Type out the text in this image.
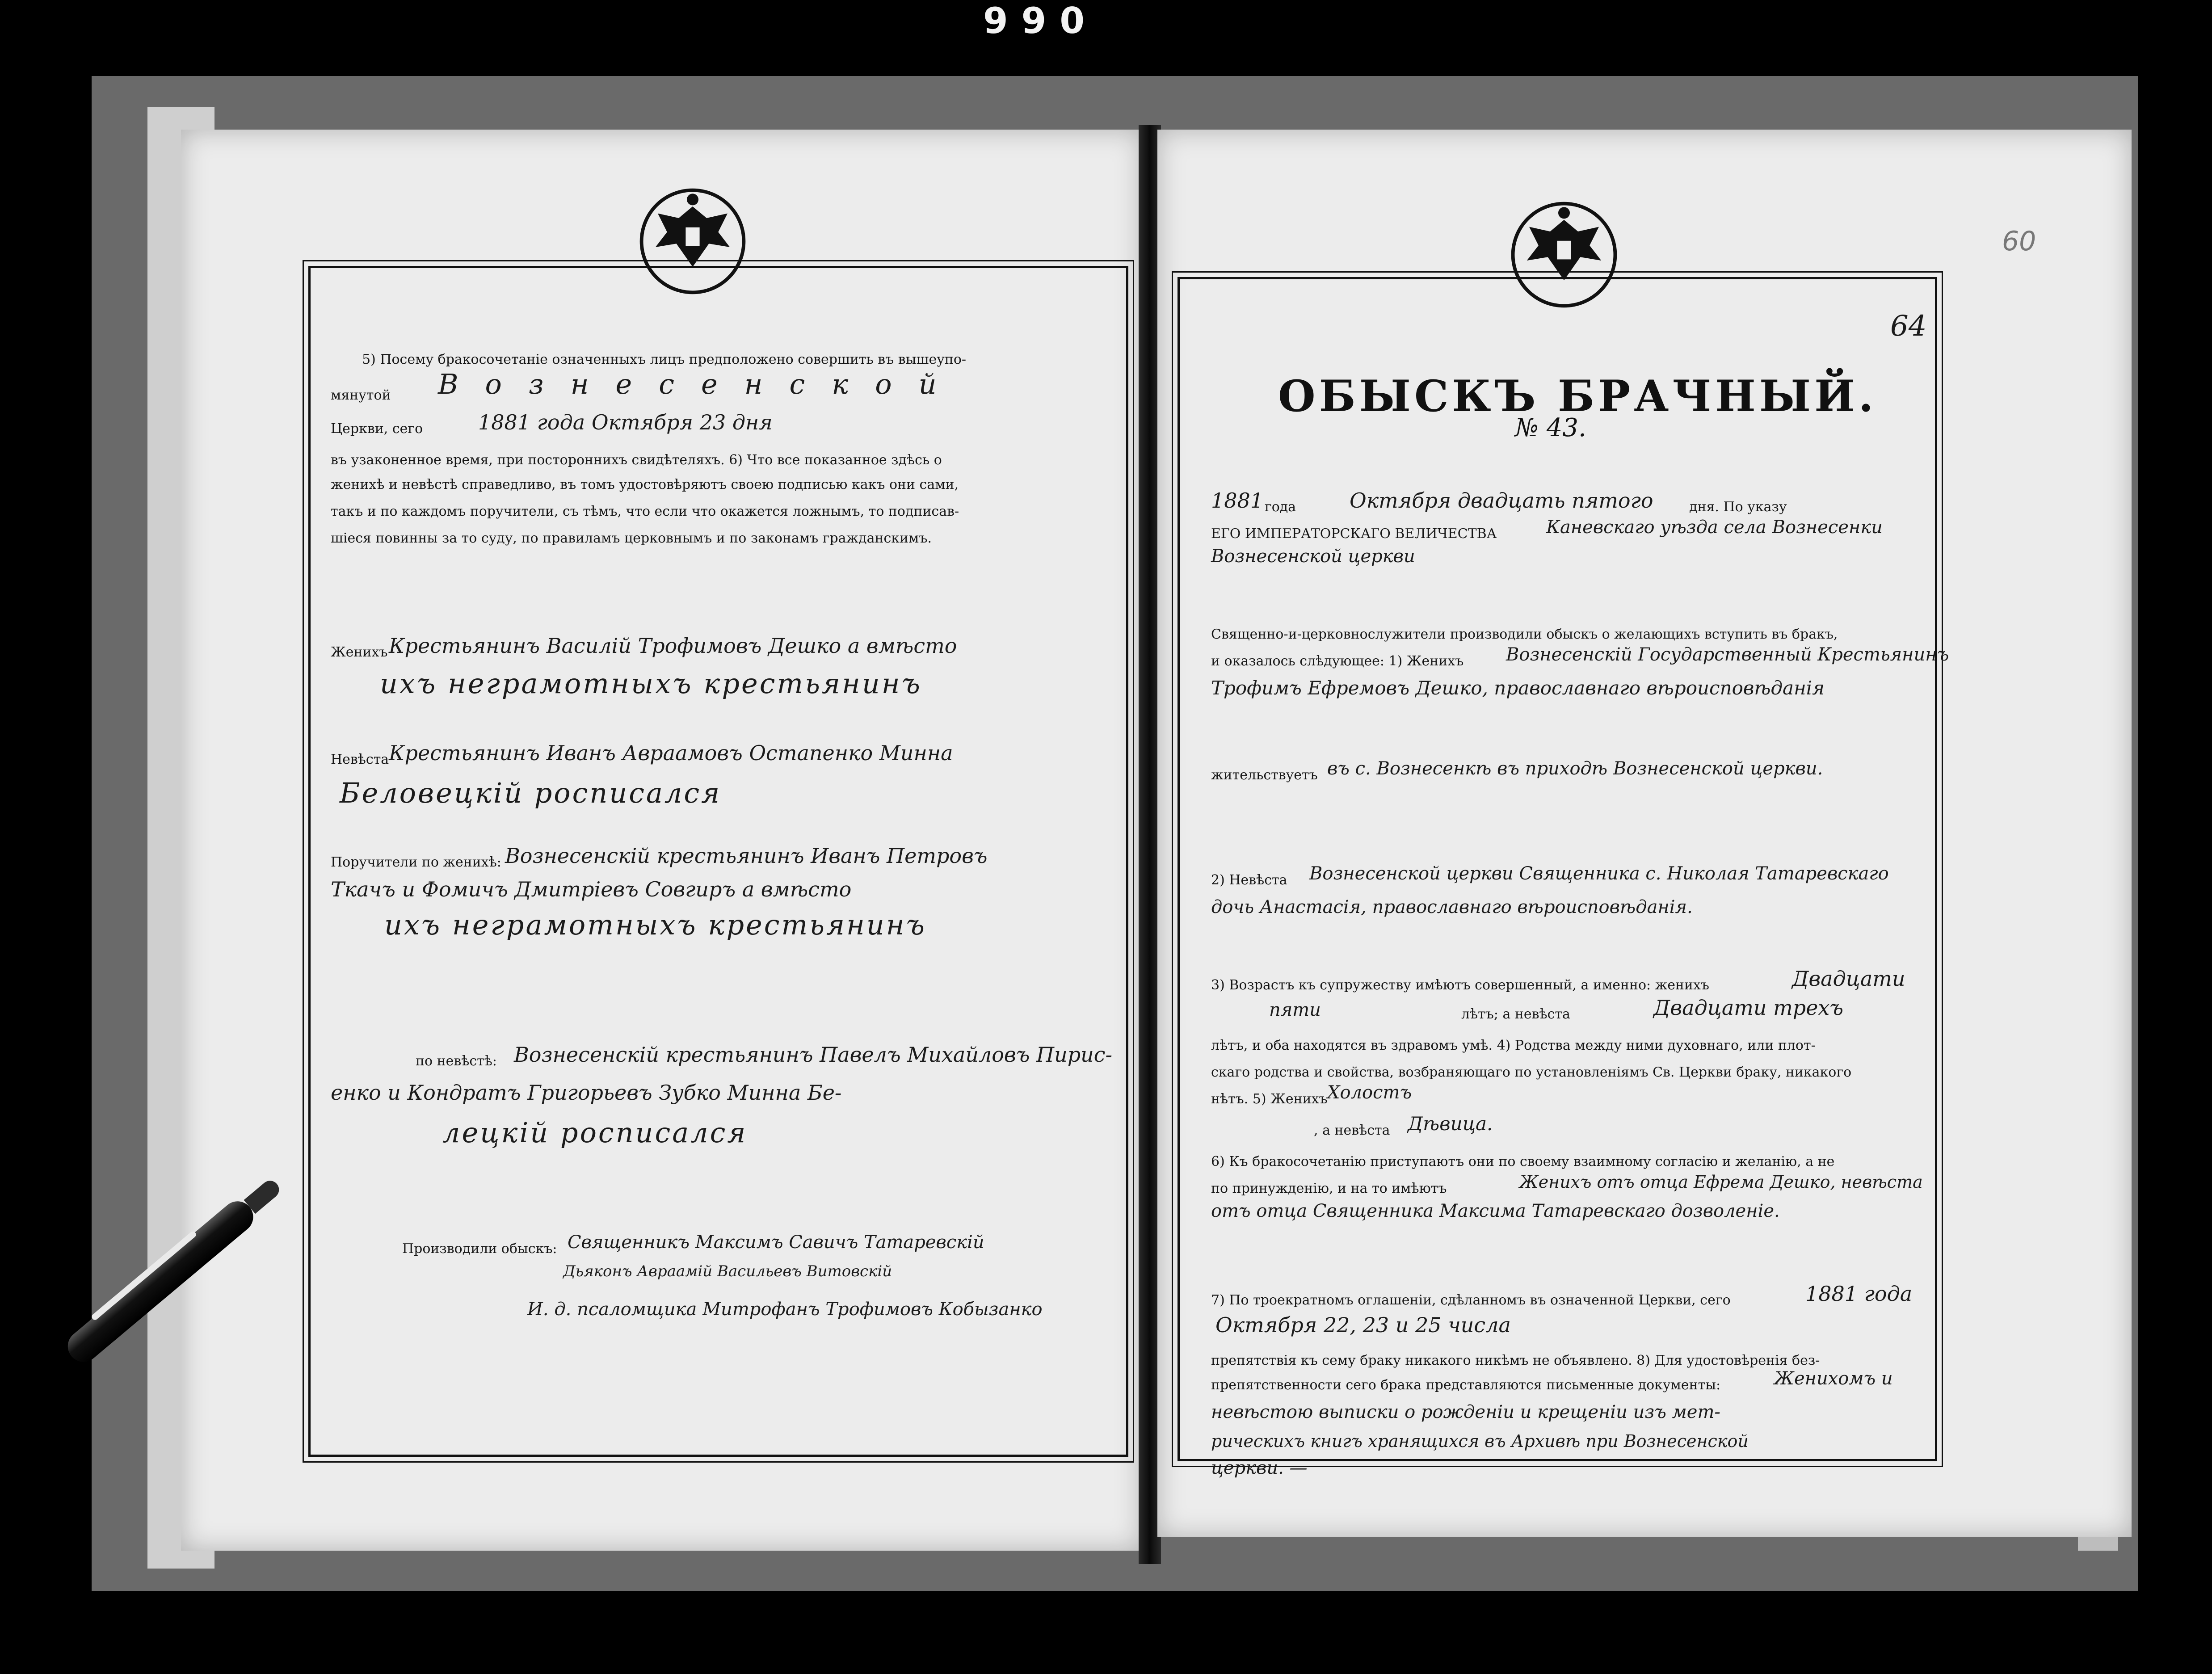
990
5) Посему бракосочетаніе означенныхъ лицъ предположено совершить въ вышеупо-
мянутой Вознесенской
Церкви, сего	1881 года Октября 23 дня
въ узаконенное время, при постороннихъ свидѣтеляхъ. 6) Что все показанное здѣсь о
женихѣ и невѣстѣ справедливо, въ томъ удостовѣряютъ своею подписью какъ они сами,
такъ и по каждомъ поручители, съ тѣмъ, что если что окажется ложнымъ, то подписав-
шіеся повинны за то суду, по правиламъ церковнымъ и по законамъ гражданскимъ.
Женихъ Крестьянинъ Василій Трофимовъ Дешко а вмѣсто
ихъ неграмотныхъ крестьянинъ
Невѣста Крестьянинъ Иванъ Авраамовъ Остапенко Минна
Беловецкій росписался
Поручители по женихѣ: Вознесенскій крестьянинъ Иванъ Петровъ
Ткачъ и Фомичъ Дмитріевъ Совгиръ а вмѣсто
ихъ неграмотныхъ крестьянинъ
по невѣстѣ: Вознесенскій крестьянинъ Павелъ Михайловъ Пирис-
енко и Кондратъ Григорьевъ Зубко Минна Бе-
лецкій росписался
Производили обыскъ: Священникъ Максимъ Савичъ Татаревскій
Дьяконъ Авраамій Васильевъ Витовскій
И. д. псаломщика Митрофанъ Трофимовъ Кобызанко
60
64
ОБЫСКЪ БРАЧНЫЙ.
№ 43.
1881 года	Октября двадцать пятого	дня. По указу
ЕГО ИМПЕРАТОРСКАГО ВЕЛИЧЕСТВА	Каневскаго уѣзда села Вознесенки
Вознесенской церкви
Священно-и-церковнослужители производили обыскъ о желающихъ вступить въ бракъ,
и оказалось слѣдующее: 1) Женихъ Вознесенскій Государственный Крестьянинъ
Трофимъ Ефремовъ Дешко, православнаго вѣроисповѣданія
жительствуетъ въ с. Вознесенкѣ въ приходѣ Вознесенской церкви.
2) Невѣста Вознесенской церкви Священника с. Николая Татаревскаго
дочь Анастасія, православнаго вѣроисповѣданія.
3) Возрастъ къ супружеству имѣютъ совершенный, а именно: женихъ	Двадцати
пяти	лѣтъ; а невѣста	Двадцати трехъ
лѣтъ, и оба находятся въ здравомъ умѣ. 4) Родства между ними духовнаго, или плот-
скаго родства и свойства, возбраняющаго по установленіямъ Св. Церкви браку, никакого
нѣтъ. 5) Женихъ Холостъ
, а невѣста Дѣвица.
6) Къ бракосочетанію приступаютъ они по своему взаимному согласію и желанію, а не
по принужденію, и на то имѣютъ	Женихъ отъ отца Ефрема Дешко, невѣста
отъ отца Священника Максима Татаревскаго дозволеніе.
7) По троекратномъ оглашеніи, сдѣланномъ въ означенной Церкви, сего	1881 года
Октября 22, 23 и 25 числа
препятствія къ сему браку никакого никѣмъ не объявлено. 8) Для удостовѣренія без-
препятственности сего брака представляются письменные документы:	Женихомъ и
невѣстою выписки о рожденіи и крещеніи изъ мет-
рическихъ книгъ хранящихся въ Архивѣ при Вознесенской
церкви. —
